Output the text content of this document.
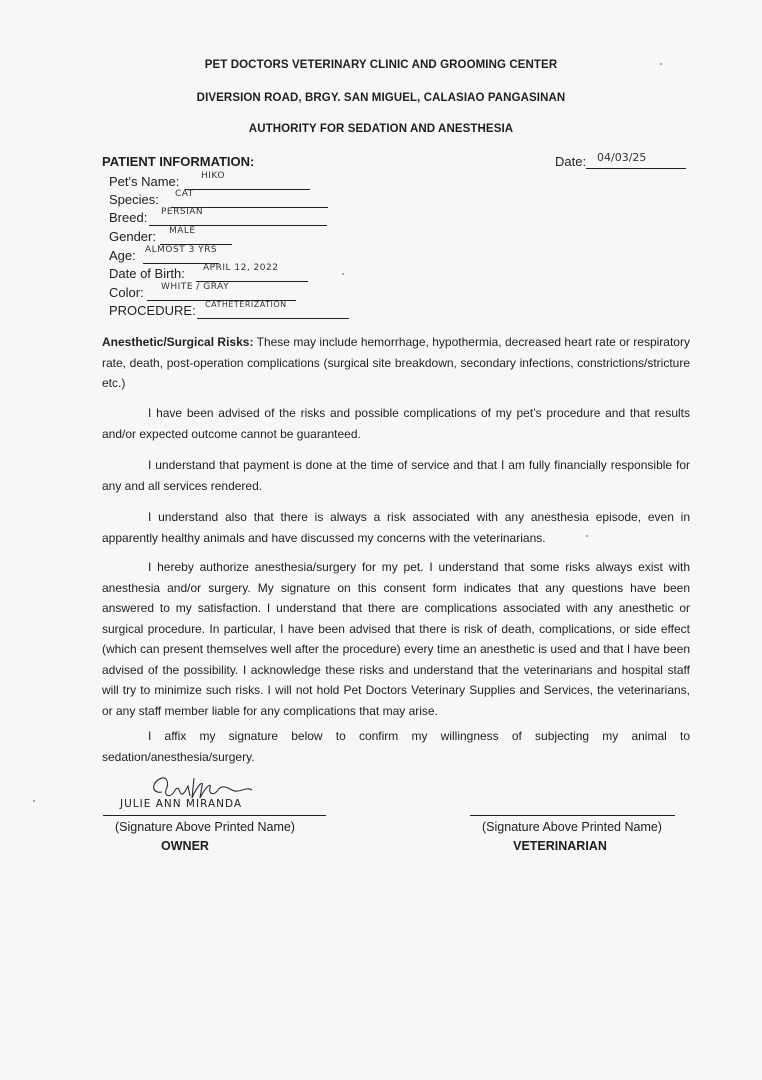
PET DOCTORS VETERINARY CLINIC AND GROOMING CENTER
DIVERSION ROAD, BRGY. SAN MIGUEL, CALASIAO PANGASINAN
AUTHORITY FOR SEDATION AND ANESTHESIA
PATIENT INFORMATION:	Date: 04/03/25
Pet's Name: HIKO
Species: CAT
Breed: PERSIAN
Gender: MALE
Age: ALMOST 3 YRS
Date of Birth: APRIL 12, 2022
Color: WHITE / GRAY
PROCEDURE: CATHETERIZATION
Anesthetic/Surgical Risks: These may include hemorrhage, hypothermia, decreased heart rate or respiratory rate, death, post-operation complications (surgical site breakdown, secondary infections, constrictions/stricture etc.)
I have been advised of the risks and possible complications of my pet’s procedure and that results and/or expected outcome cannot be guaranteed.
I understand that payment is done at the time of service and that I am fully financially responsible for any and all services rendered.
I understand also that there is always a risk associated with any anesthesia episode, even in apparently healthy animals and have discussed my concerns with the veterinarians.
I hereby authorize anesthesia/surgery for my pet. I understand that some risks always exist with anesthesia and/or surgery. My signature on this consent form indicates that any questions have been answered to my satisfaction. I understand that there are complications associated with any anesthetic or surgical procedure. In particular, I have been advised that there is risk of death, complications, or side effect (which can present themselves well after the procedure) every time an anesthetic is used and that I have been advised of the possibility. I acknowledge these risks and understand that the veterinarians and hospital staff will try to minimize such risks. I will not hold Pet Doctors Veterinary Supplies and Services, the veterinarians, or any staff member liable for any complications that may arise.
I affix my signature below to confirm my willingness of subjecting my animal to sedation/anesthesia/surgery.
JULIE ANN MIRANDA
(Signature Above Printed Name)
OWNER
(Signature Above Printed Name)
VETERINARIAN
